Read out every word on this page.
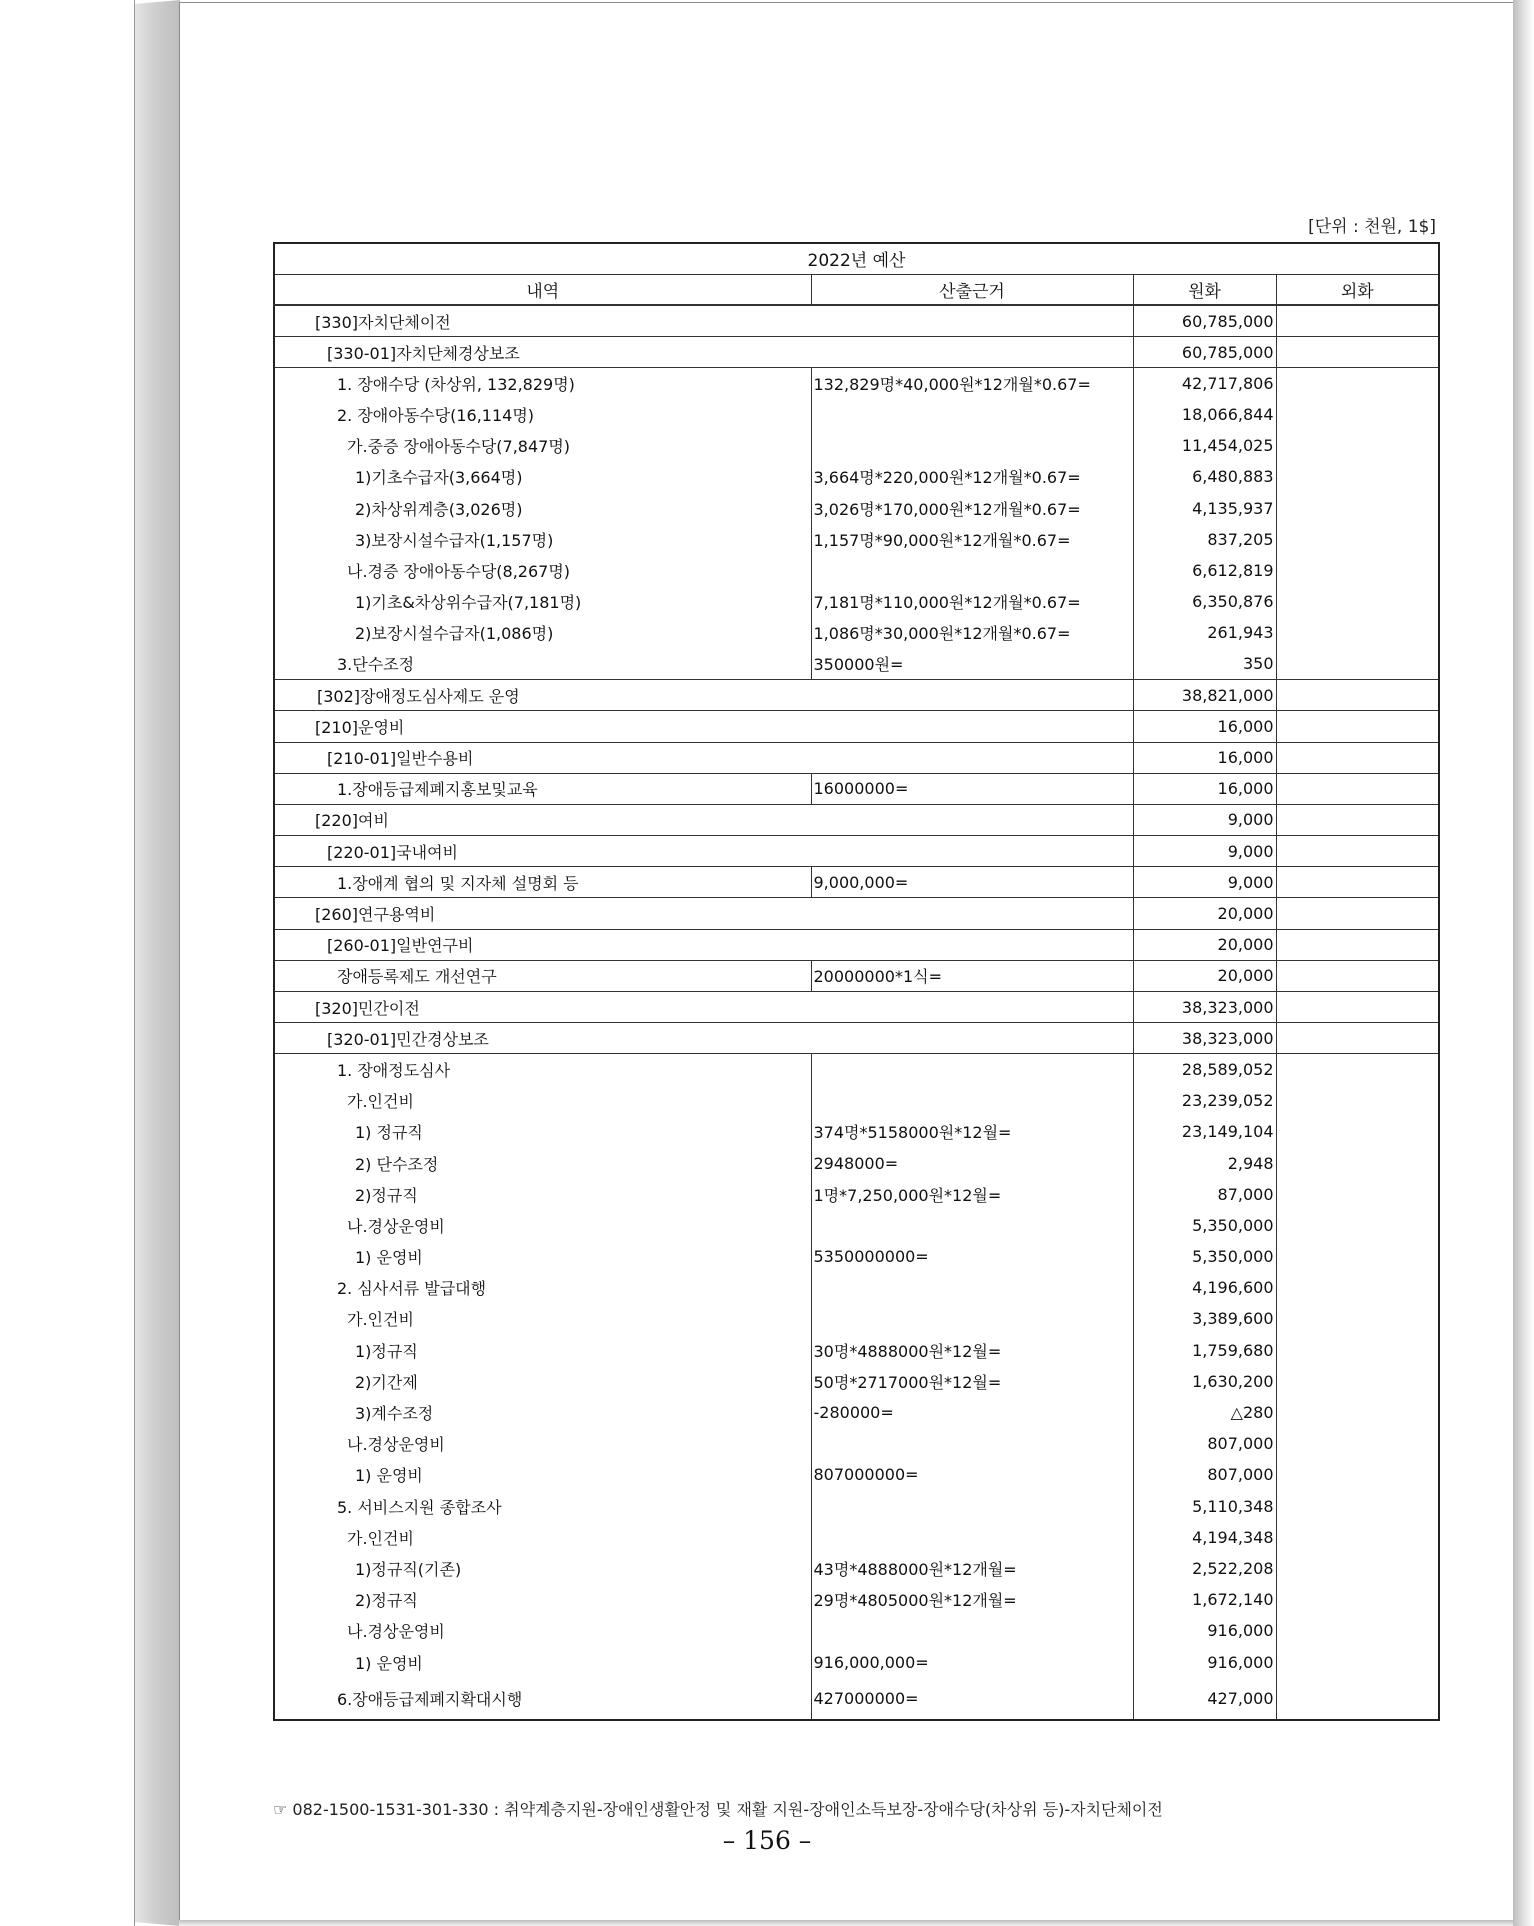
[단위 : 천원, 1$]
2022년 예산			
내역	산출근거	원화	외화
[330]자치단체이전		60,785,000	
[330-01]자치단체경상보조		60,785,000	
1. 장애수당 (차상위, 132,829명)	132,829명*40,000원*12개월*0.67=	42,717,806	
2. 장애아동수당(16,114명)		18,066,844	
가.중증 장애아동수당(7,847명)		11,454,025	
1)기초수급자(3,664명)	3,664명*220,000원*12개월*0.67=	6,480,883	
2)차상위계층(3,026명)	3,026명*170,000원*12개월*0.67=	4,135,937	
3)보장시설수급자(1,157명)	1,157명*90,000원*12개월*0.67=	837,205	
나.경증 장애아동수당(8,267명)		6,612,819	
1)기초&차상위수급자(7,181명)	7,181명*110,000원*12개월*0.67=	6,350,876	
2)보장시설수급자(1,086명)	1,086명*30,000원*12개월*0.67=	261,943	
3.단수조정	350000원=	350	
[302]장애정도심사제도 운영		38,821,000	
[210]운영비		16,000	
[210-01]일반수용비		16,000	
1.장애등급제폐지홍보및교육	16000000=	16,000	
[220]여비		9,000	
[220-01]국내여비		9,000	
1.장애계 협의 및 지자체 설명회 등	9,000,000=	9,000	
[260]연구용역비		20,000	
[260-01]일반연구비		20,000	
장애등록제도 개선연구	20000000*1식=	20,000	
[320]민간이전		38,323,000	
[320-01]민간경상보조		38,323,000	
1. 장애정도심사		28,589,052	
가.인건비		23,239,052	
1) 정규직	374명*5158000원*12월=	23,149,104	
2) 단수조정	2948000=	2,948	
2)정규직	1명*7,250,000원*12월=	87,000	
나.경상운영비		5,350,000	
1) 운영비	5350000000=	5,350,000	
2. 심사서류 발급대행		4,196,600	
가.인건비		3,389,600	
1)정규직	30명*4888000원*12월=	1,759,680	
2)기간제	50명*2717000원*12월=	1,630,200	
3)계수조정	-280000=	△280	
나.경상운영비		807,000	
1) 운영비	807000000=	807,000	
5. 서비스지원 종합조사		5,110,348	
가.인건비		4,194,348	
1)정규직(기존)	43명*4888000원*12개월=	2,522,208	
2)정규직	29명*4805000원*12개월=	1,672,140	
나.경상운영비		916,000	
1) 운영비	916,000,000=	916,000	
6.장애등급제폐지확대시행	427000000=	427,000	
☞ 082-1500-1531-301-330 : 취약계층지원-장애인생활안정 및 재활 지원-장애인소득보장-장애수당(차상위 등)-자치단체이전
– 156 –
